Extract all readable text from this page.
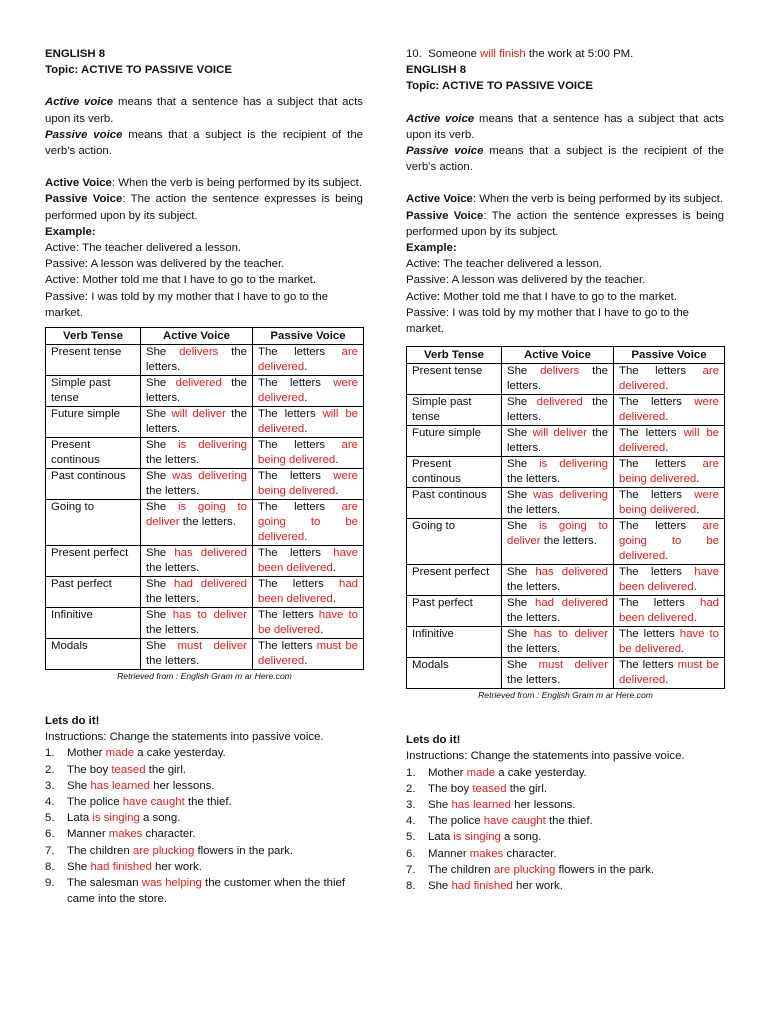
ENGLISH 8
Topic: ACTIVE TO PASSIVE VOICE
Active voice means that a sentence has a subject that acts upon its verb.
Passive voice means that a subject is the recipient of the verb’s action.
Active Voice: When the verb is being performed by its subject.
Passive Voice: The action the sentence expresses is being performed upon by its subject.
Example:
Active: The teacher delivered a lesson.
Passive: A lesson was delivered by the teacher.
Active: Mother told me that I have to go to the market.
Passive: I was told by my mother that I have to go to the market.
Verb Tense	Active Voice	Passive Voice
Present tense	She delivers the letters.	The letters are delivered.
Simple past tense	She delivered the letters.	The letters were delivered.
Future simple	She will deliver the letters.	The letters will be delivered.
Present continous	She is delivering the letters.	The letters are being delivered.
Past continous	She was delivering the letters.	The letters were being delivered.
Going to	She is going to deliver the letters.	The letters are going to be delivered.
Present perfect	She has delivered the letters.	The letters have been delivered.
Past perfect	She had delivered the letters.	The letters had been delivered.
Infinitive	She has to deliver the letters.	The letters have to be delivered.
Modals	She must deliver the letters.	The letters must be delivered.
Retrieved from : English Gram m ar Here.com
Lets do it!
Instructions: Change the statements into passive voice.
1. Mother made a cake yesterday.
2. The boy teased the girl.
3. She has learned her lessons.
4. The police have caught the thief.
5. Lata is singing a song.
6. Manner makes character.
7. The children are plucking flowers in the park.
8. She had finished her work.
9. The salesman was helping the customer when the thief came into the store.
10. Someone will finish the work at 5:00 PM.
ENGLISH 8
Topic: ACTIVE TO PASSIVE VOICE
Active voice means that a sentence has a subject that acts upon its verb.
Passive voice means that a subject is the recipient of the verb’s action.
Active Voice: When the verb is being performed by its subject.
Passive Voice: The action the sentence expresses is being performed upon by its subject.
Example:
Active: The teacher delivered a lesson.
Passive: A lesson was delivered by the teacher.
Active: Mother told me that I have to go to the market.
Passive: I was told by my mother that I have to go to the market.
Verb Tense	Active Voice	Passive Voice
Present tense	She delivers the letters.	The letters are delivered.
Simple past tense	She delivered the letters.	The letters were delivered.
Future simple	She will deliver the letters.	The letters will be delivered.
Present continous	She is delivering the letters.	The letters are being delivered.
Past continous	She was delivering the letters.	The letters were being delivered.
Going to	She is going to deliver the letters.	The letters are going to be delivered.
Present perfect	She has delivered the letters.	The letters have been delivered.
Past perfect	She had delivered the letters.	The letters had been delivered.
Infinitive	She has to deliver the letters.	The letters have to be delivered.
Modals	She must deliver the letters.	The letters must be delivered.
Retrieved from : English Gram m ar Here.com
Lets do it!
Instructions: Change the statements into passive voice.
1. Mother made a cake yesterday.
2. The boy teased the girl.
3. She has learned her lessons.
4. The police have caught the thief.
5. Lata is singing a song.
6. Manner makes character.
7. The children are plucking flowers in the park.
8. She had finished her work.
